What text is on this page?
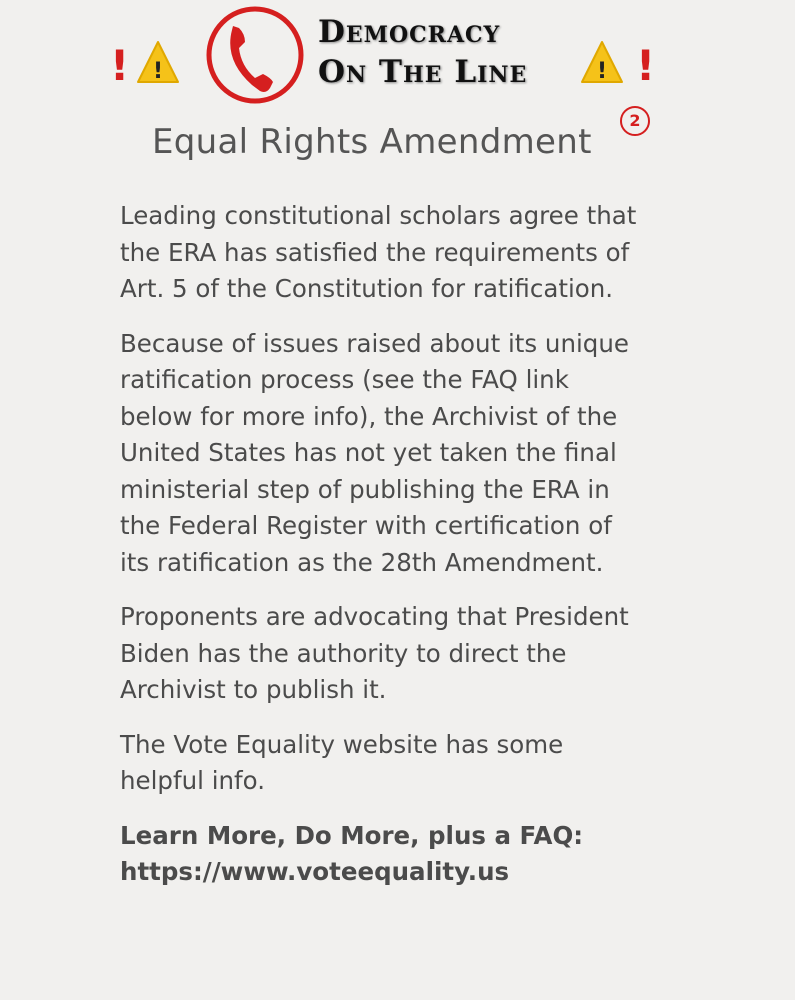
! !	! !
Democracy
On The Line
Equal Rights Amendment
2

Leading constitutional scholars agree that the ERA has satisfied the requirements of Art. 5 of the Constitution for ratification.

Because of issues raised about its unique ratification process (see the FAQ link below for more info), the Archivist of the United States has not yet taken the final ministerial step of publishing the ERA in the Federal Register with certification of its ratification as the 28th Amendment.

Proponents are advocating that President Biden has the authority to direct the Archivist to publish it.

The Vote Equality website has some helpful info.

Learn More, Do More, plus a FAQ:
https://www.voteequality.us
